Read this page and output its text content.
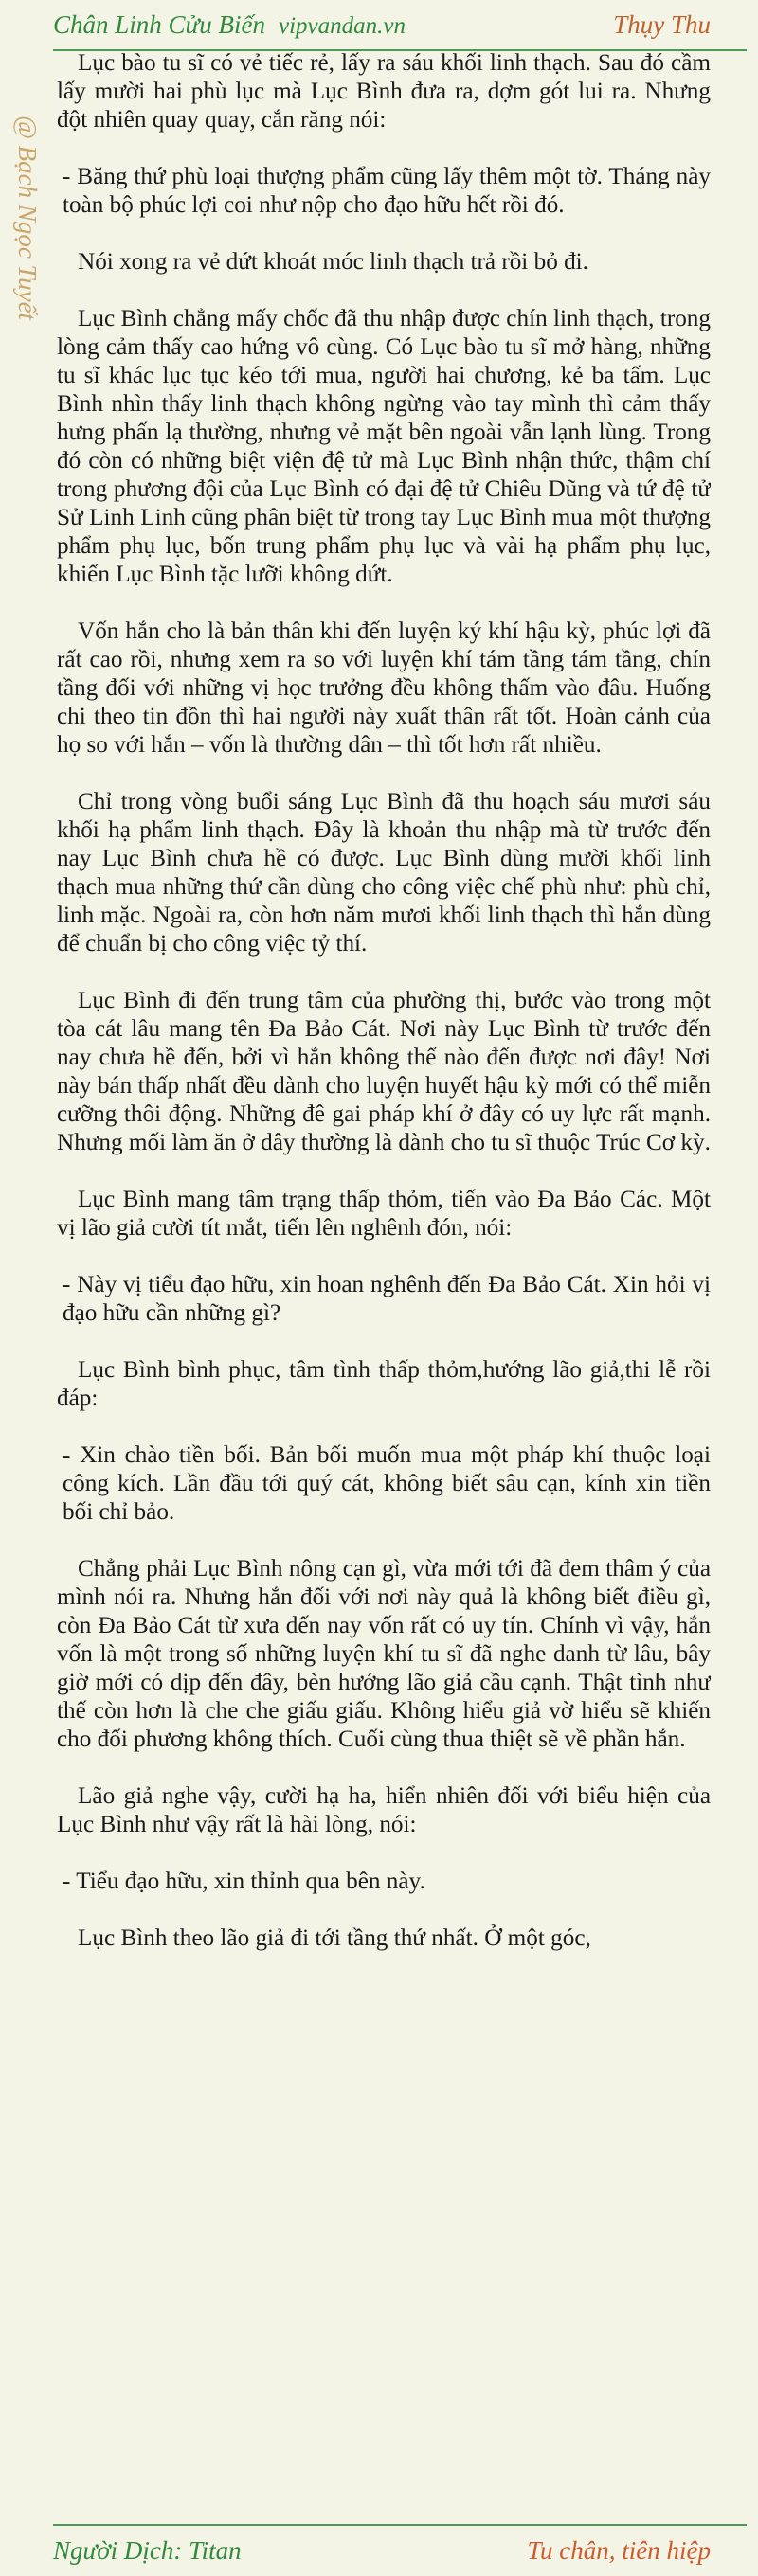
Chân Linh Cửu Biến vipvandan.vn	Thụy Thu
@ Bạch Ngọc Tuyết

Lục bào tu sĩ có vẻ tiếc rẻ, lấy ra sáu khối linh thạch. Sau đó cầm lấy mười hai phù lục mà Lục Bình đưa ra, dợm gót lui ra. Nhưng đột nhiên quay quay, cắn răng nói:

- Băng thứ phù loại thượng phẩm cũng lấy thêm một tờ. Tháng này toàn bộ phúc lợi coi như nộp cho đạo hữu hết rồi đó.

Nói xong ra vẻ dứt khoát móc linh thạch trả rồi bỏ đi.

Lục Bình chẳng mấy chốc đã thu nhập được chín linh thạch, trong lòng cảm thấy cao hứng vô cùng. Có Lục bào tu sĩ mở hàng, những tu sĩ khác lục tục kéo tới mua, người hai chương, kẻ ba tấm. Lục Bình nhìn thấy linh thạch không ngừng vào tay mình thì cảm thấy hưng phấn lạ thường, nhưng vẻ mặt bên ngoài vẫn lạnh lùng. Trong đó còn có những biệt viện đệ tử mà Lục Bình nhận thức, thậm chí trong phương đội của Lục Bình có đại đệ tử Chiêu Dũng và tứ đệ tử Sử Linh Linh cũng phân biệt từ trong tay Lục Bình mua một thượng phẩm phụ lục, bốn trung phẩm phụ lục và vài hạ phẩm phụ lục, khiến Lục Bình tặc lưỡi không dứt.

Vốn hắn cho là bản thân khi đến luyện ký khí hậu kỳ, phúc lợi đã rất cao rồi, nhưng xem ra so với luyện khí tám tầng tám tầng, chín tầng đối với những vị học trưởng đều không thấm vào đâu. Huống chi theo tin đồn thì hai người này xuất thân rất tốt. Hoàn cảnh của họ so với hắn – vốn là thường dân – thì tốt hơn rất nhiều.

Chỉ trong vòng buổi sáng Lục Bình đã thu hoạch sáu mươi sáu khối hạ phẩm linh thạch. Đây là khoản thu nhập mà từ trước đến nay Lục Bình chưa hề có được. Lục Bình dùng mười khối linh thạch mua những thứ cần dùng cho công việc chế phù như: phù chỉ, linh mặc. Ngoài ra, còn hơn năm mươi khối linh thạch thì hắn dùng để chuẩn bị cho công việc tỷ thí.

Lục Bình đi đến trung tâm của phường thị, bước vào trong một tòa cát lâu mang tên Đa Bảo Cát. Nơi này Lục Bình từ trước đến nay chưa hề đến, bởi vì hắn không thể nào đến được nơi đây! Nơi này bán thấp nhất đều dành cho luyện huyết hậu kỳ mới có thể miễn cưỡng thôi động. Những đê gai pháp khí ở đây có uy lực rất mạnh. Nhưng mối làm ăn ở đây thường là dành cho tu sĩ thuộc Trúc Cơ kỳ.

Lục Bình mang tâm trạng thấp thỏm, tiến vào Đa Bảo Các. Một vị lão giả cười tít mắt, tiến lên nghênh đón, nói:

- Này vị tiểu đạo hữu, xin hoan nghênh đến Đa Bảo Cát. Xin hỏi vị đạo hữu cần những gì?

Lục Bình bình phục, tâm tình thấp thỏm,hướng lão giả,thi lễ rồi đáp:

- Xin chào tiền bối. Bản bối muốn mua một pháp khí thuộc loại công kích. Lần đầu tới quý cát, không biết sâu cạn, kính xin tiền bối chỉ bảo.

Chẳng phải Lục Bình nông cạn gì, vừa mới tới đã đem thâm ý của mình nói ra. Nhưng hắn đối với nơi này quả là không biết điều gì, còn Đa Bảo Cát từ xưa đến nay vốn rất có uy tín. Chính vì vậy, hắn vốn là một trong số những luyện khí tu sĩ đã nghe danh từ lâu, bây giờ mới có dịp đến đây, bèn hướng lão giả cầu cạnh. Thật tình như thế còn hơn là che che giấu giấu. Không hiểu giả vờ hiểu sẽ khiến cho đối phương không thích. Cuối cùng thua thiệt sẽ về phần hắn.

Lão giả nghe vậy, cười hạ ha, hiển nhiên đối với biểu hiện của Lục Bình như vậy rất là hài lòng, nói:

- Tiểu đạo hữu, xin thỉnh qua bên này.

Lục Bình theo lão giả đi tới tầng thứ nhất. Ở một góc,

Người Dịch: Titan	Tu chân, tiên hiệp
